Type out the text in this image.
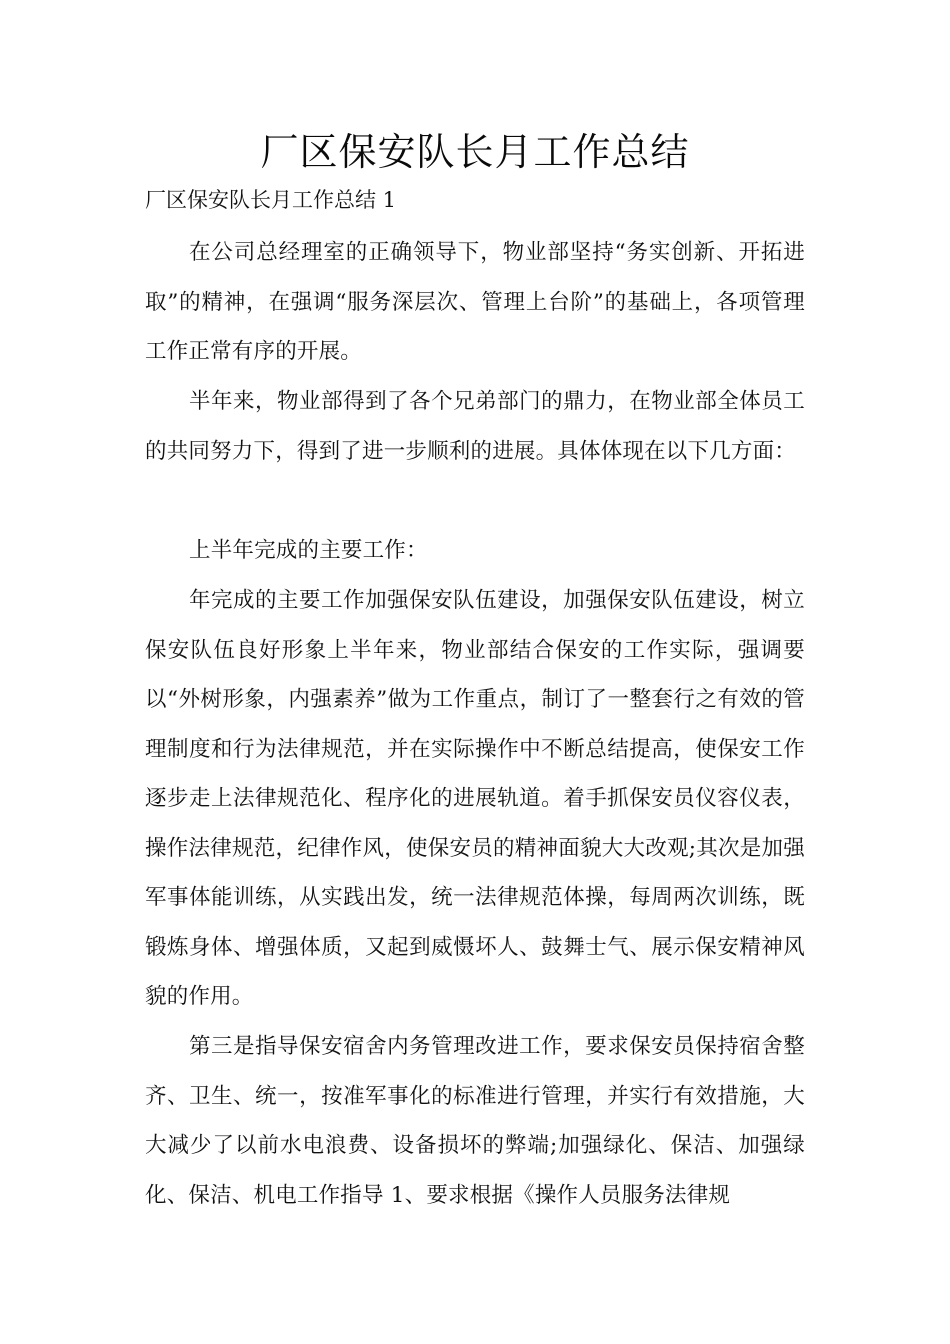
厂区保安队长月工作总结

厂区保安队长月工作总结 1

在公司总经理室的正确领导下，物业部坚持“务实创新、开拓进取”的精神，在强调“服务深层次、管理上台阶”的基础上，各项管理工作正常有序的开展。

半年来，物业部得到了各个兄弟部门的鼎力，在物业部全体员工的共同努力下，得到了进一步顺利的进展。具体体现在以下几方面：

上半年完成的主要工作：

年完成的主要工作加强保安队伍建设，加强保安队伍建设，树立保安队伍良好形象上半年来，物业部结合保安的工作实际，强调要以“外树形象，内强素养”做为工作重点，制订了一整套行之有效的管理制度和行为法律规范，并在实际操作中不断总结提高，使保安工作逐步走上法律规范化、程序化的进展轨道。着手抓保安员仪容仪表，操作法律规范，纪律作风，使保安员的精神面貌大大改观;其次是加强军事体能训练，从实践出发，统一法律规范体操，每周两次训练，既锻炼身体、增强体质，又起到威慑坏人、鼓舞士气、展示保安精神风貌的作用。

第三是指导保安宿舍内务管理改进工作，要求保安员保持宿舍整齐、卫生、统一，按准军事化的标准进行管理，并实行有效措施，大大减少了以前水电浪费、设备损坏的弊端;加强绿化、保洁、加强绿化、保洁、机电工作指导 1、要求根据《操作人员服务法律规
